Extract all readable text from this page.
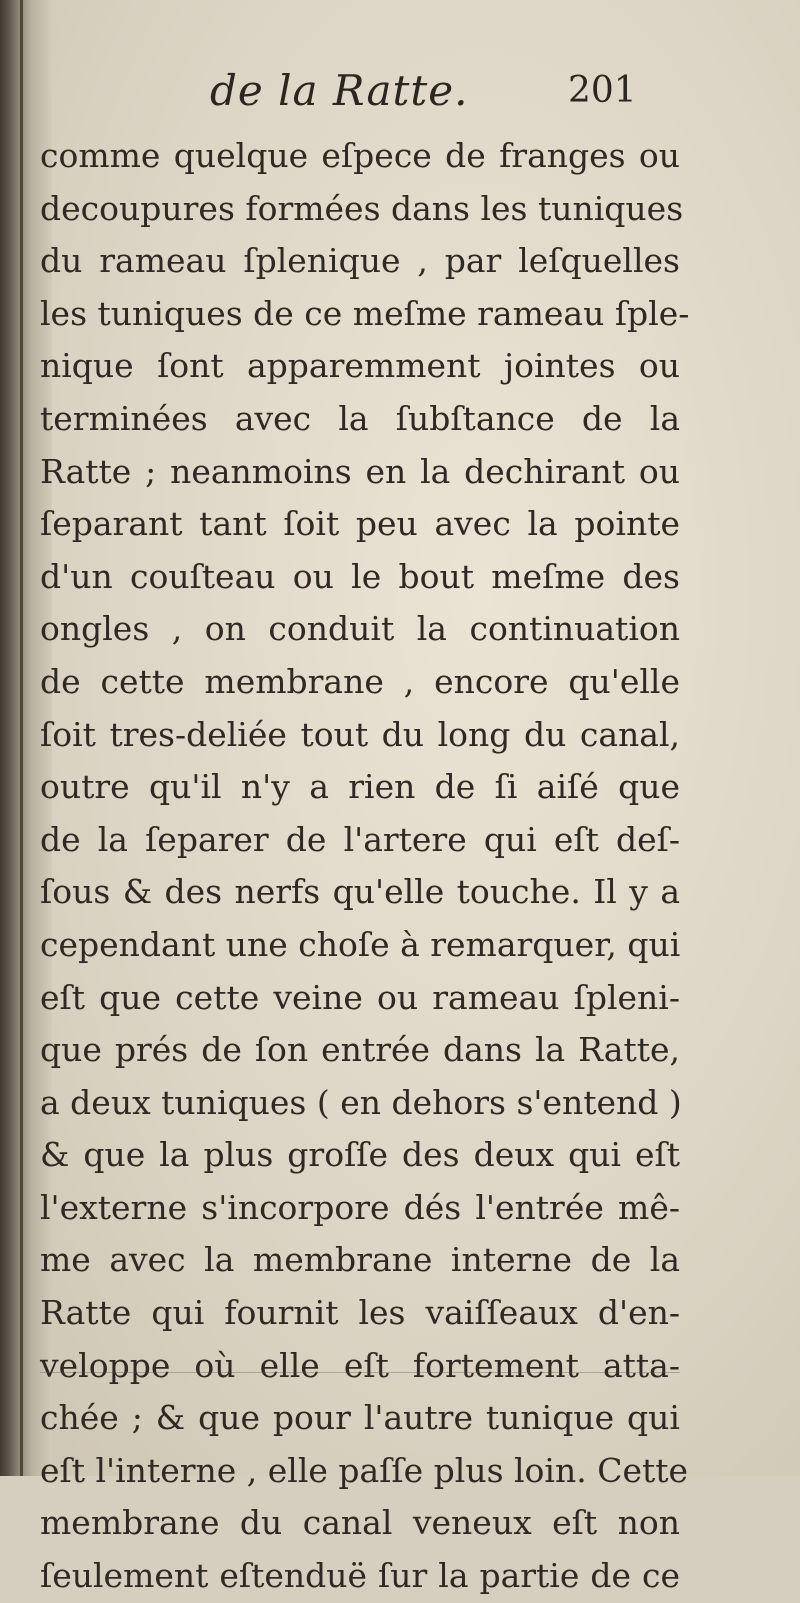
de la Ratte.	201
comme quelque eſpece de franges ou
decoupures formées dans les tuniques
du rameau ſplenique , par leſquelles
les tuniques de ce meſme rameau ſple-
nique ſont apparemment jointes ou
terminées avec la ſubſtance de la
Ratte ; neanmoins en la dechirant ou
ſeparant tant ſoit peu avec la pointe
d'un couſteau ou le bout meſme des
ongles , on conduit la continuation
de cette membrane , encore qu'elle
ſoit tres-deliée tout du long du canal,
outre qu'il n'y a rien de ſi aiſé que
de la ſeparer de l'artere qui eſt deſ-
ſous & des nerfs qu'elle touche. Il y a
cependant une choſe à remarquer, qui
eſt que cette veine ou rameau ſpleni-
que prés de ſon entrée dans la Ratte,
a deux tuniques ( en dehors s'entend )
& que la plus groſſe des deux qui eſt
l'externe s'incorpore dés l'entrée mê-
me avec la membrane interne de la
Ratte qui fournit les vaiſſeaux d'en-
veloppe où elle eſt fortement atta-
chée ; & que pour l'autre tunique qui
eſt l'interne , elle paſſe plus loin. Cette
membrane du canal veneux eſt non
ſeulement eſtenduë ſur la partie de ce
